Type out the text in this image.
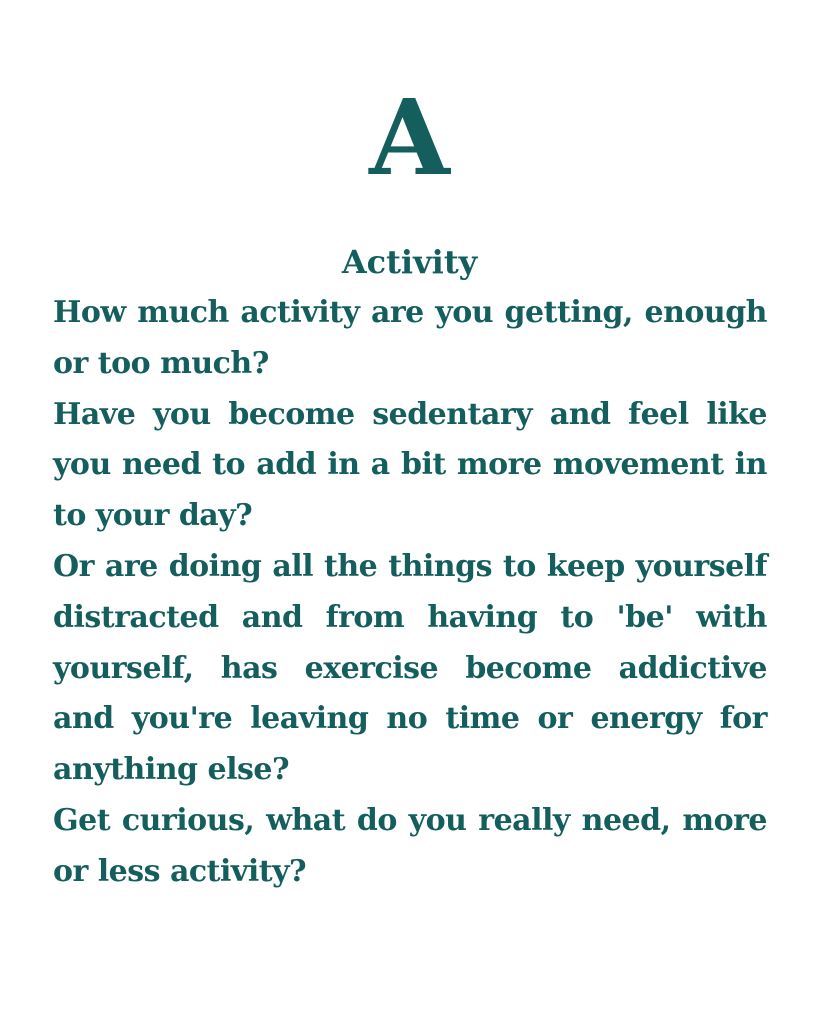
A
Activity

How much activity are you getting, enough or too much?

Have you become sedentary and feel like you need to add in a bit more movement in to your day?

Or are doing all the things to keep yourself distracted and from having to 'be' with yourself, has exercise become addictive and you're leaving no time or energy for anything else?

Get curious, what do you really need, more or less activity?
